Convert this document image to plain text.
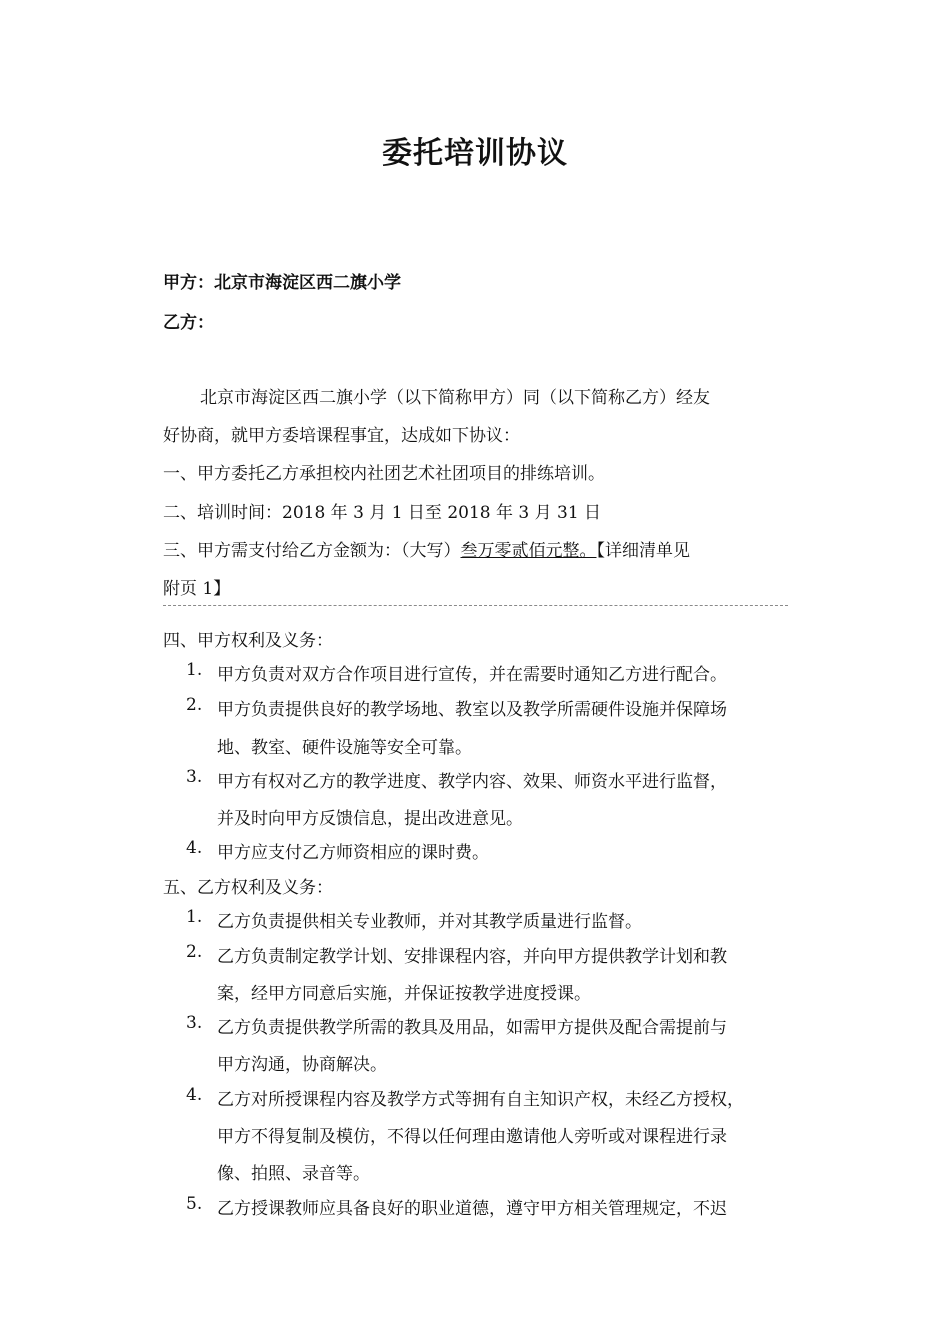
委托培训协议
甲方：北京市海淀区西二旗小学
乙方：
北京市海淀区西二旗小学（以下简称甲方）同（以下简称乙方）经友
好协商，就甲方委培课程事宜，达成如下协议：
一、甲方委托乙方承担校内社团艺术社团项目的排练培训。
二、培训时间：2018 年 3 月 1 日至 2018 年 3 月 31 日
三、甲方需支付给乙方金额为：（大写）叁万零贰佰元整。【详细清单见
附页 1】
四、甲方权利及义务：
1. 甲方负责对双方合作项目进行宣传，并在需要时通知乙方进行配合。
2. 甲方负责提供良好的教学场地、教室以及教学所需硬件设施并保障场
地、教室、硬件设施等安全可靠。
3. 甲方有权对乙方的教学进度、教学内容、效果、师资水平进行监督，
并及时向甲方反馈信息，提出改进意见。
4. 甲方应支付乙方师资相应的课时费。
五、乙方权利及义务：
1. 乙方负责提供相关专业教师，并对其教学质量进行监督。
2. 乙方负责制定教学计划、安排课程内容，并向甲方提供教学计划和教
案，经甲方同意后实施，并保证按教学进度授课。
3. 乙方负责提供教学所需的教具及用品，如需甲方提供及配合需提前与
甲方沟通，协商解决。
4. 乙方对所授课程内容及教学方式等拥有自主知识产权，未经乙方授权，
甲方不得复制及模仿，不得以任何理由邀请他人旁听或对课程进行录
像、拍照、录音等。
5. 乙方授课教师应具备良好的职业道德，遵守甲方相关管理规定，不迟
